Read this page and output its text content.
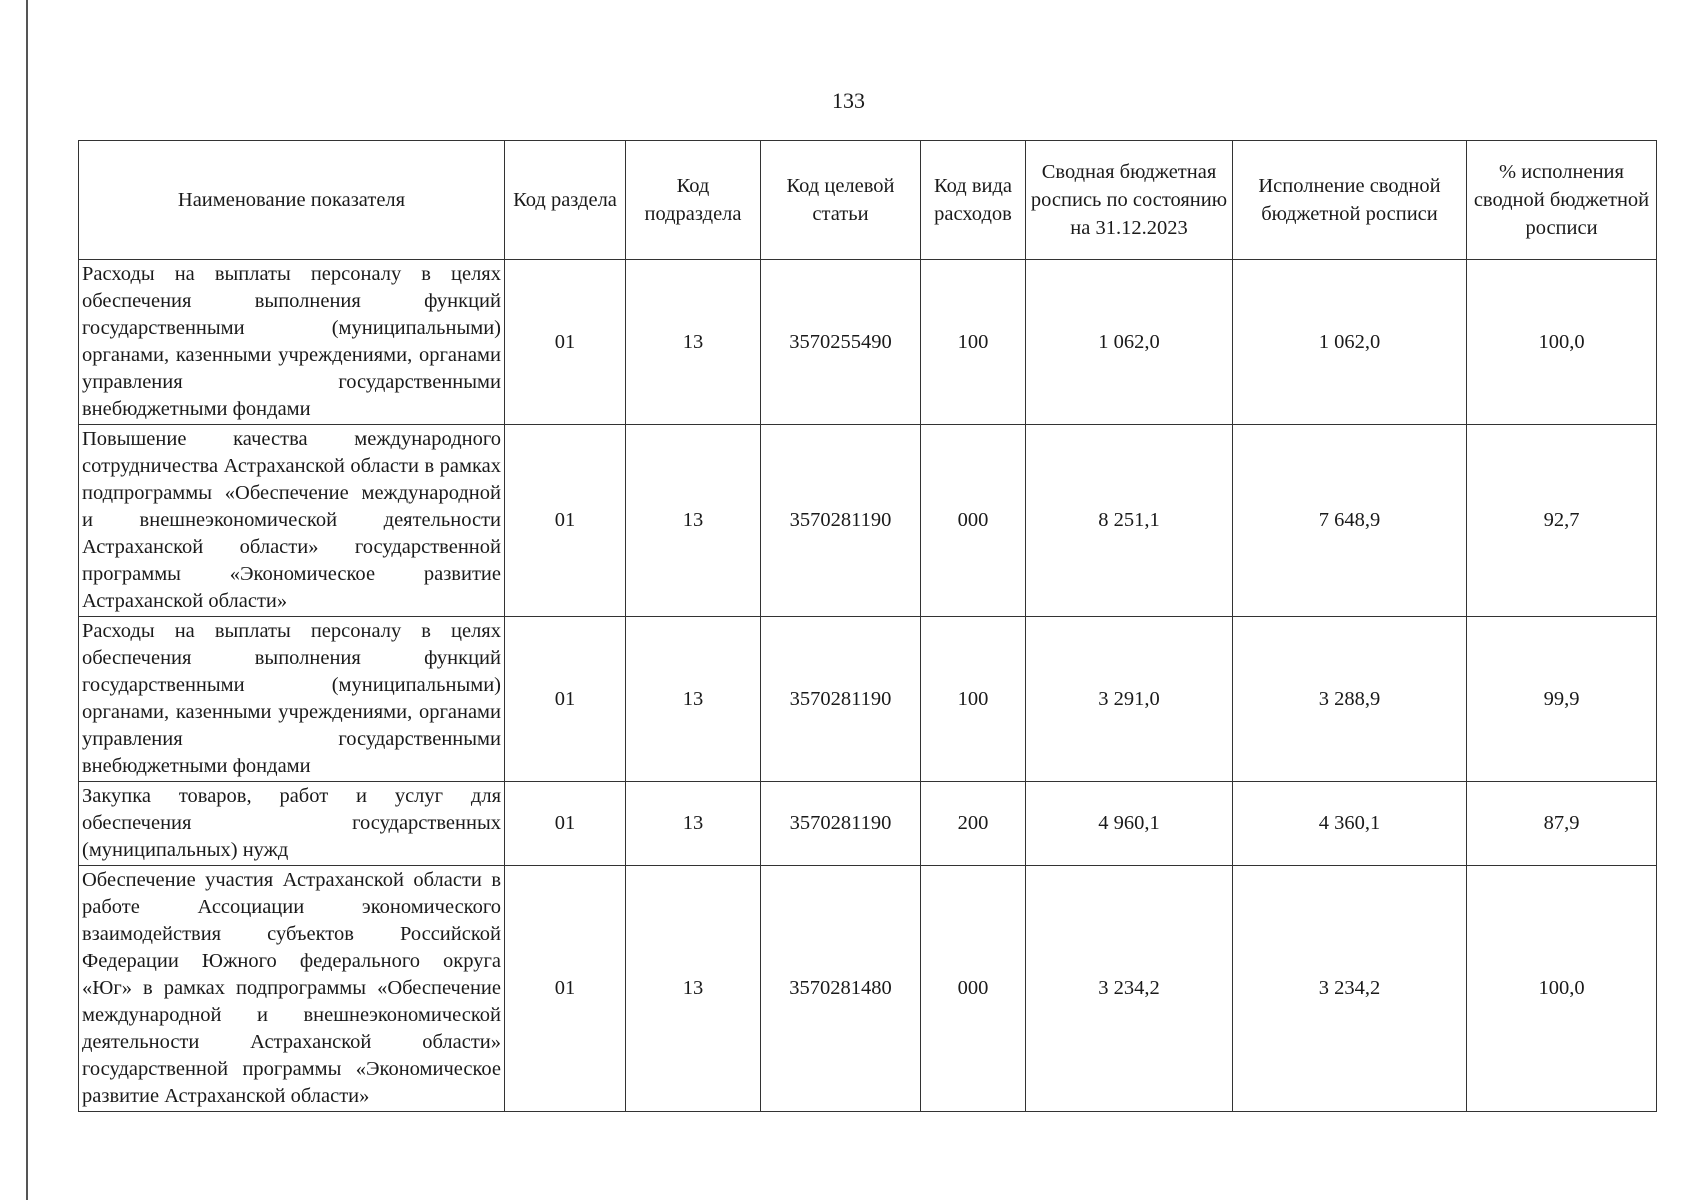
133
Наименование показателя	Код раздела	Код подраздела	Код целевой статьи	Код вида расходов	Сводная бюджетная роспись по состоянию на 31.12.2023	Исполнение сводной бюджетной росписи	% исполнения сводной бюджетной росписи
Расходы на выплаты персоналу в целях обеспечения выполнения функций государственными (муниципальными) органами, казенными учреждениями, органами управления государственными внебюджетными фондами	01	13	3570255490	100	1 062,0	1 062,0	100,0
Повышение качества международного сотрудничества Астраханской области в рамках подпрограммы «Обеспечение международной и внешнеэкономической деятельности Астраханской области» государственной программы «Экономическое развитие Астраханской области»	01	13	3570281190	000	8 251,1	7 648,9	92,7
Расходы на выплаты персоналу в целях обеспечения выполнения функций государственными (муниципальными) органами, казенными учреждениями, органами управления государственными внебюджетными фондами	01	13	3570281190	100	3 291,0	3 288,9	99,9
Закупка товаров, работ и услуг для обеспечения государственных (муниципальных) нужд	01	13	3570281190	200	4 960,1	4 360,1	87,9
Обеспечение участия Астраханской области в работе Ассоциации экономического взаимодействия субъектов Российской Федерации Южного федерального округа «Юг» в рамках подпрограммы «Обеспечение международной и внешнеэкономической деятельности Астраханской области» государственной программы «Экономическое развитие Астраханской области»	01	13	3570281480	000	3 234,2	3 234,2	100,0
